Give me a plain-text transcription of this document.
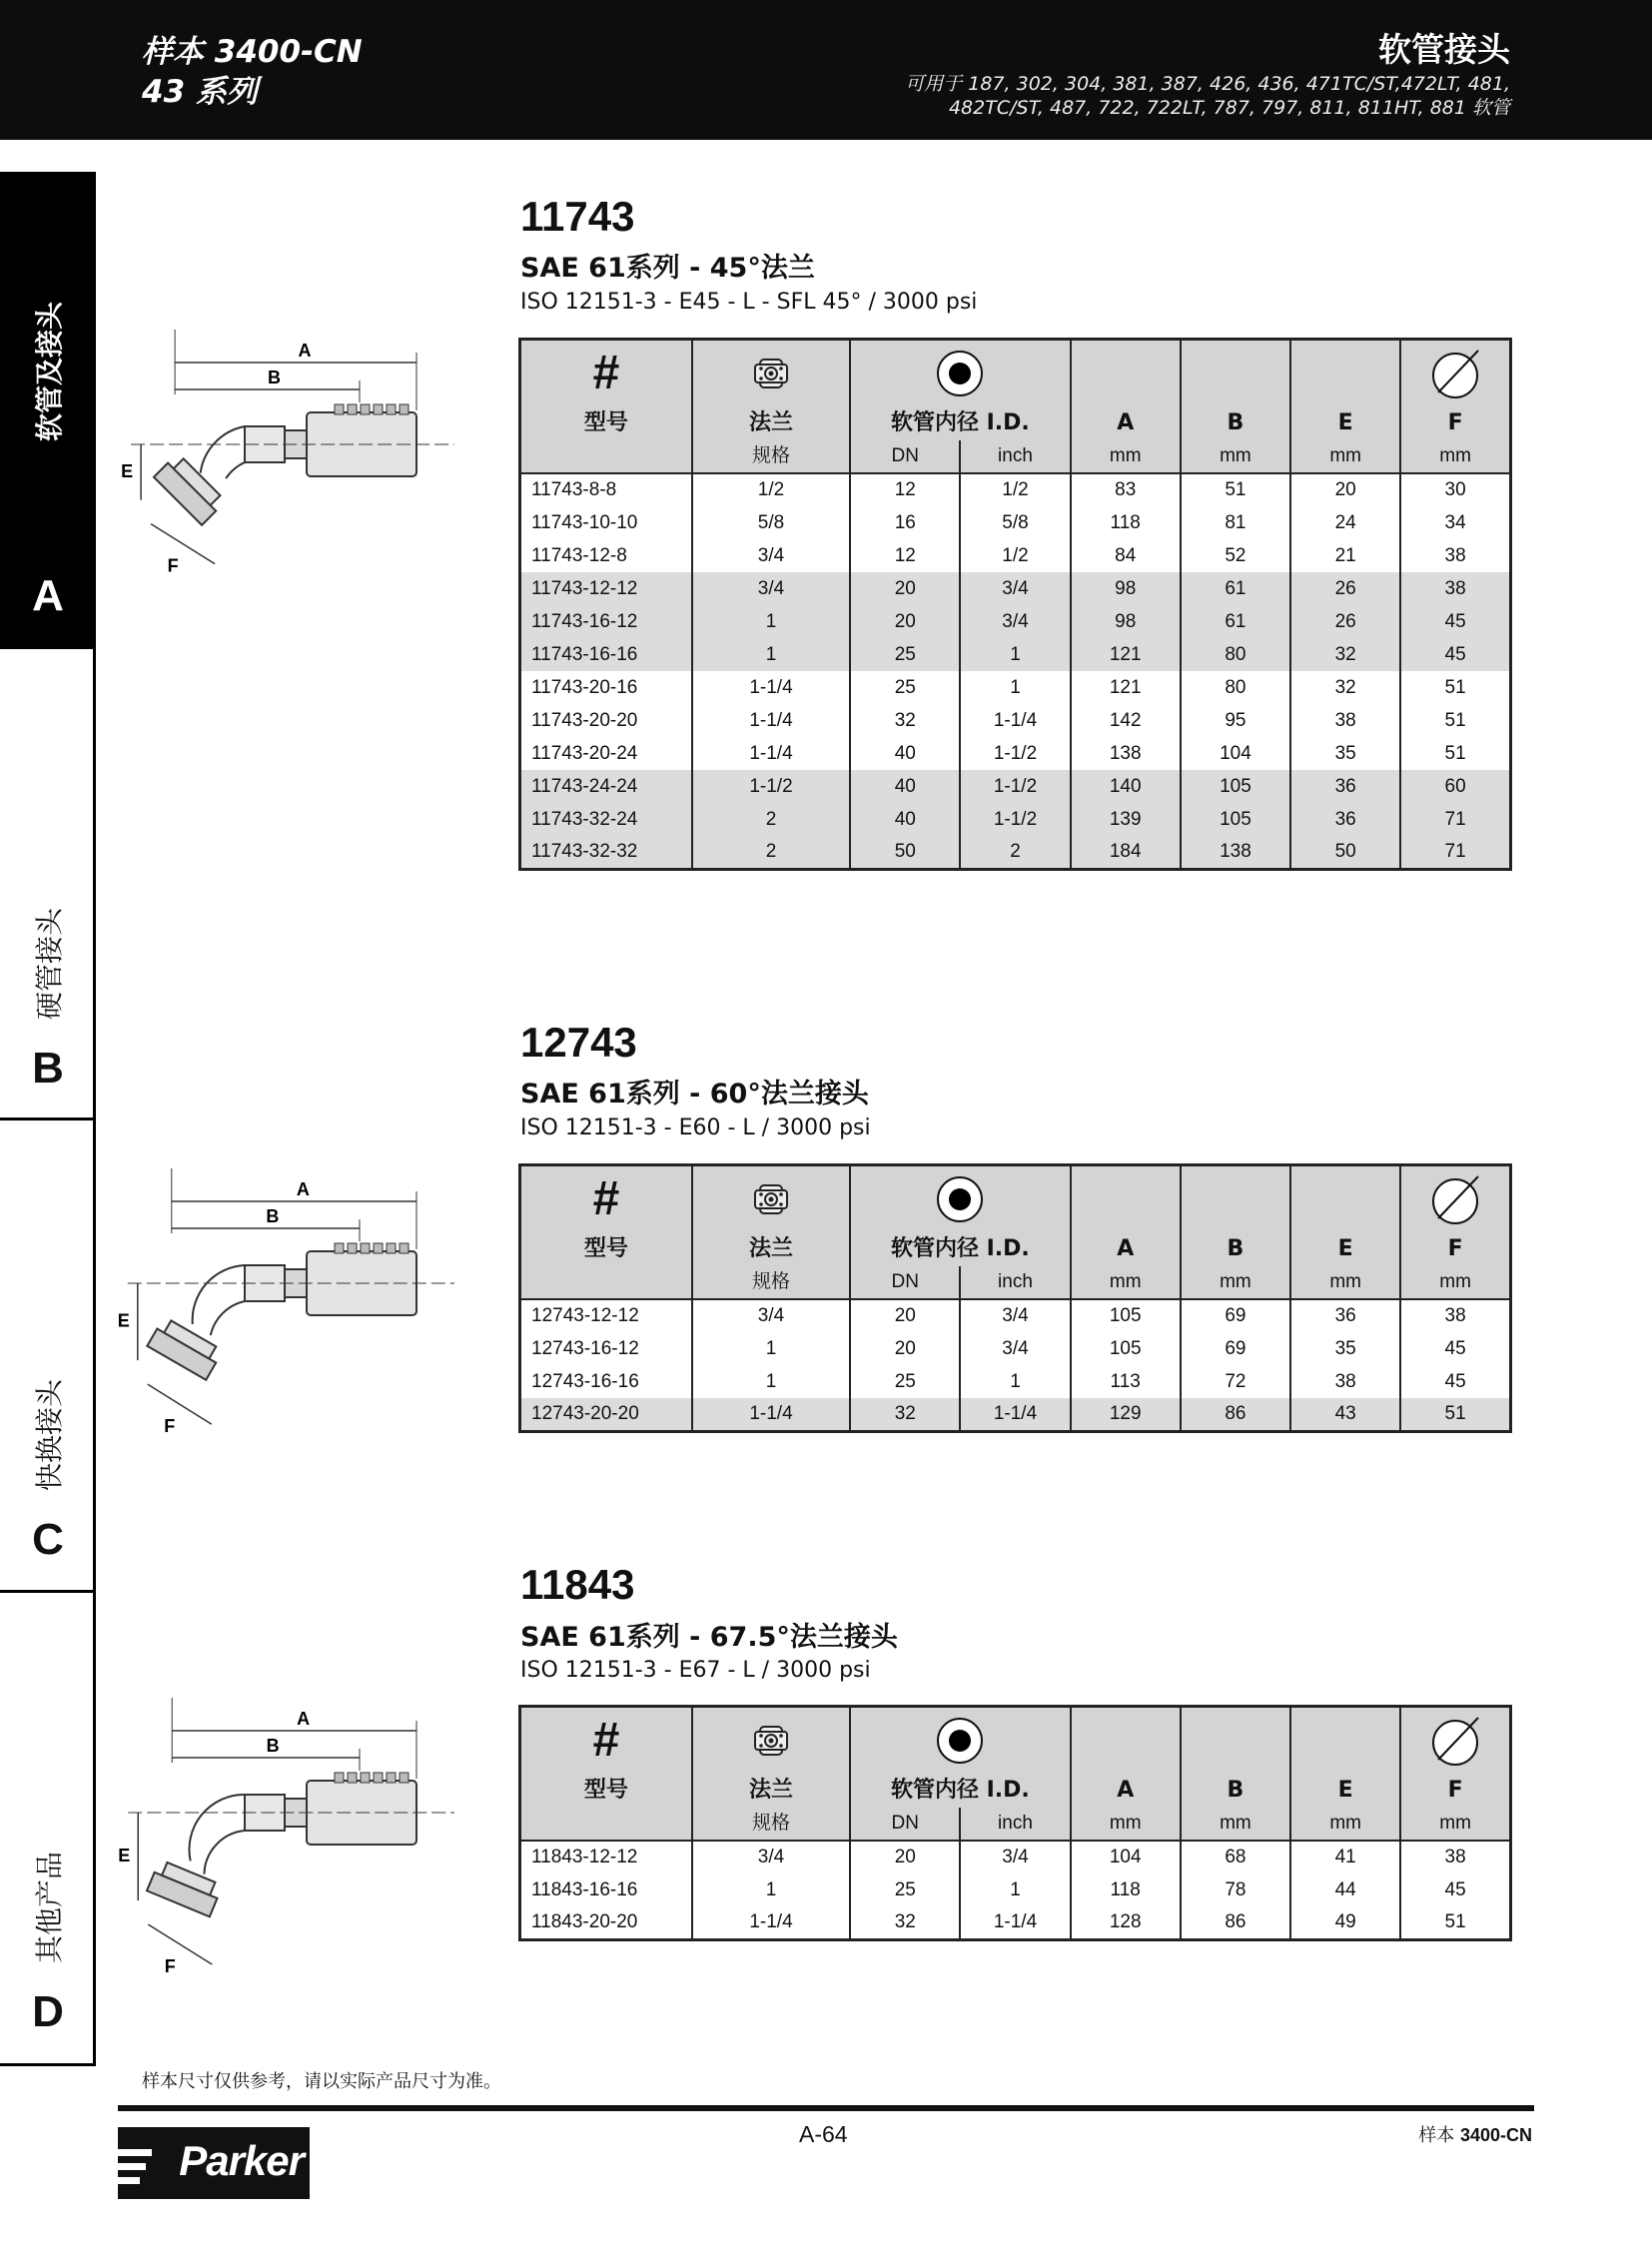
样本 3400-CN
43 系列
软管接头
可用于 187, 302, 304, 381, 387, 426, 436, 471TC/ST,472LT, 481,
482TC/ST, 487, 722, 722LT, 787, 797, 811, 811HT, 881 软管
软管及接头
A
硬管接头
B
快换接头
C
其他产品
D
11743
SAE 61系列 - 45°法兰
ISO 12151-3 - E45 - L - SFL 45° / 3000 psi
12743
SAE 61系列 - 60°法兰接头
ISO 12151-3 - E60 - L / 3000 psi
11843
SAE 61系列 - 67.5°法兰接头
ISO 12151-3 - E67 - L / 3000 psi
#

型号	法兰	软管内径 I.D.		A	B	E	F

	规格	DN	inch	mm	mm	mm	mm

11743-8-8	1/2	12	1/2	83	51	20	30
11743-10-10	5/8	16	5/8	118	81	24	34
11743-12-8	3/4	12	1/2	84	52	21	38
11743-12-12	3/4	20	3/4	98	61	26	38
11743-16-12	1	20	3/4	98	61	26	45
11743-16-16	1	25	1	121	80	32	45
11743-20-16	1-1/4	25	1	121	80	32	51
11743-20-20	1-1/4	32	1-1/4	142	95	38	51
11743-20-24	1-1/4	40	1-1/2	138	104	35	51
11743-24-24	1-1/2	40	1-1/2	140	105	36	60
11743-32-24	2	40	1-1/2	139	105	36	71
11743-32-32	2	50	2	184	138	50	71
#

型号	法兰	软管内径 I.D.		A	B	E	F

	规格	DN	inch	mm	mm	mm	mm

12743-12-12	3/4	20	3/4	105	69	36	38
12743-16-12	1	20	3/4	105	69	35	45
12743-16-16	1	25	1	113	72	38	45
12743-20-20	1-1/4	32	1-1/4	129	86	43	51
#

型号	法兰	软管内径 I.D.		A	B	E	F

	规格	DN	inch	mm	mm	mm	mm

11843-12-12	3/4	20	3/4	104	68	41	38
11843-16-16	1	25	1	118	78	44	45
11843-20-20	1-1/4	32	1-1/4	128	86	49	51
A
B
E
F
A
B
E
F
A
B
E
F
样本尺寸仅供参考，请以实际产品尺寸为准。
A-64	样本 3400-CN
Parker
